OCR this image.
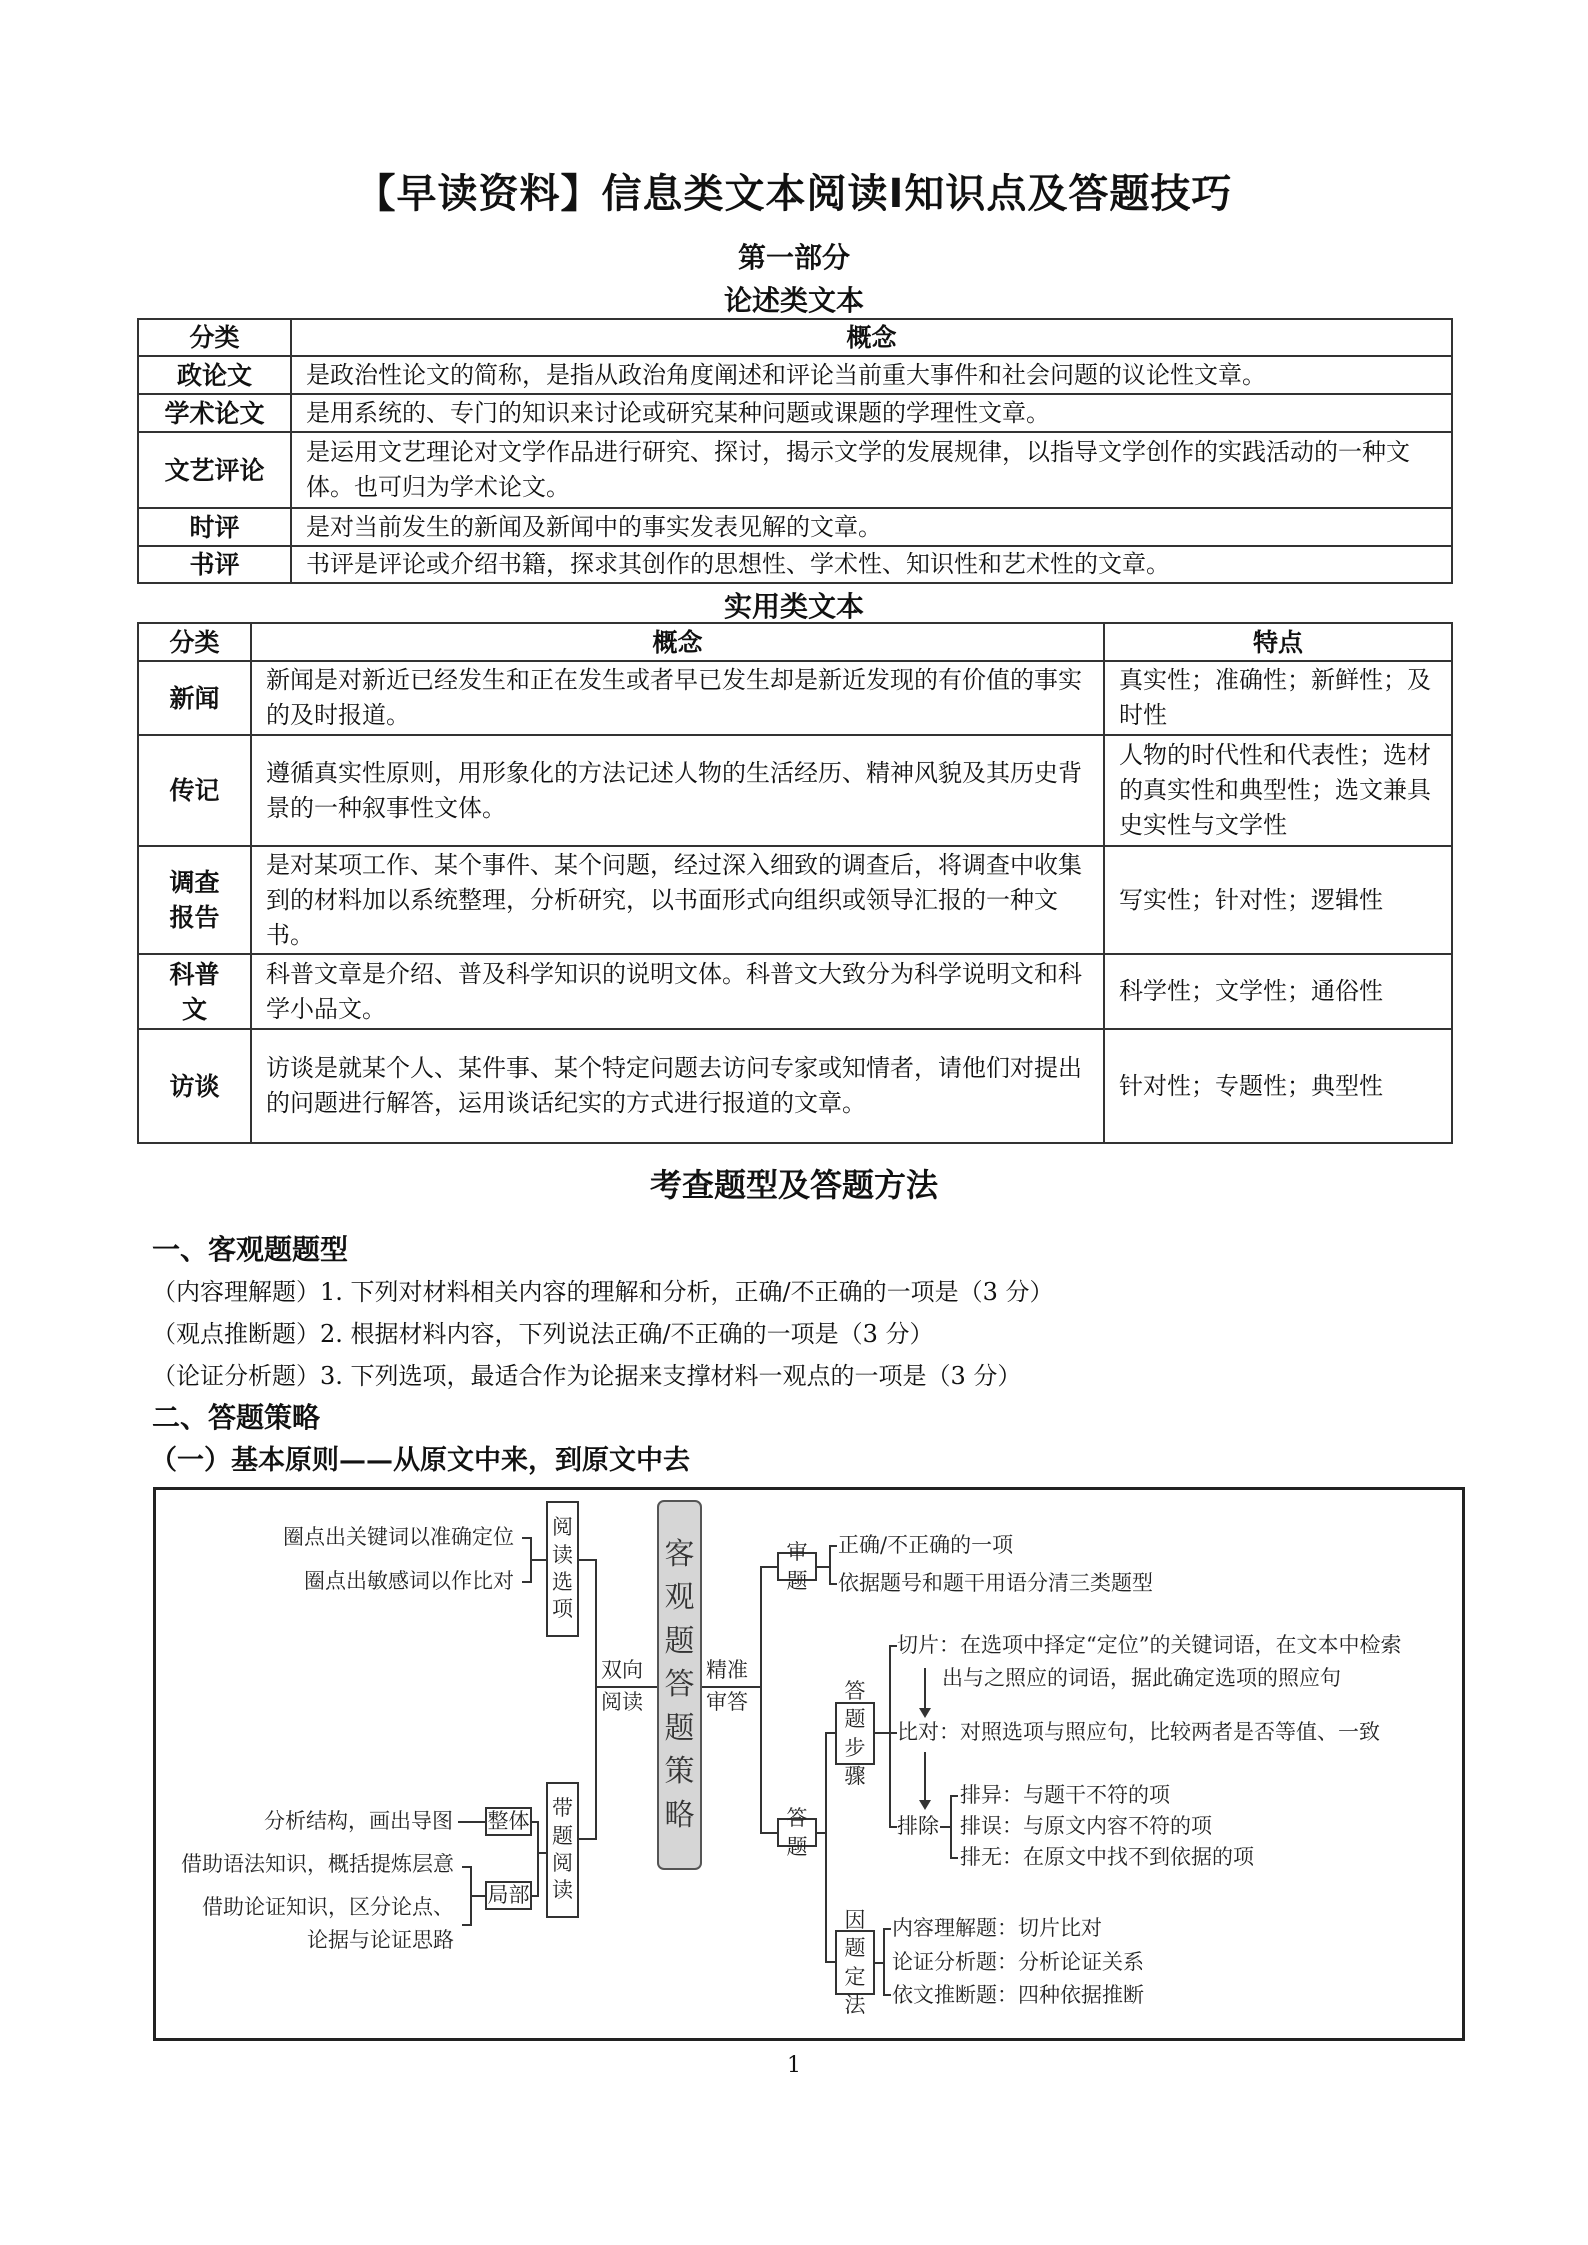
【早读资料】信息类文本阅读Ⅰ知识点及答题技巧
第一部分
论述类文本
分类	概念
政论文	是政治性论文的简称，是指从政治角度阐述和评论当前重大事件和社会问题的议论性文章。
学术论文	是用系统的、专门的知识来讨论或研究某种问题或课题的学理性文章。
文艺评论	是运用文艺理论对文学作品进行研究、探讨，揭示文学的发展规律，以指导文学创作的实践活动的一种文体。也可归为学术论文。
时评	是对当前发生的新闻及新闻中的事实发表见解的文章。
书评	书评是评论或介绍书籍，探求其创作的思想性、学术性、知识性和艺术性的文章。
实用类文本
分类	概念	特点
新闻	新闻是对新近已经发生和正在发生或者早已发生却是新近发现的有价值的事实的及时报道。	真实性；准确性；新鲜性；及时性
传记	遵循真实性原则，用形象化的方法记述人物的生活经历、精神风貌及其历史背景的一种叙事性文体。	人物的时代性和代表性；选材的真实性和典型性；选文兼具史实性与文学性
调查报告	是对某项工作、某个事件、某个问题，经过深入细致的调查后，将调查中收集到的材料加以系统整理，分析研究，以书面形式向组织或领导汇报的一种文书。	写实性；针对性；逻辑性
科普文	科普文章是介绍、普及科学知识的说明文体。科普文大致分为科学说明文和科学小品文。	科学性；文学性；通俗性
访谈	访谈是就某个人、某件事、某个特定问题去访问专家或知情者，请他们对提出的问题进行解答，运用谈话纪实的方式进行报道的文章。	针对性；专题性；典型性
考查题型及答题方法
一、客观题题型
（内容理解题）1. 下列对材料相关内容的理解和分析，正确/不正确的一项是（3 分）
（观点推断题）2. 根据材料内容，下列说法正确/不正确的一项是（3 分）
（论证分析题）3. 下列选项，最适合作为论据来支撑材料一观点的一项是（3 分）
二、答题策略
（一）基本原则——从原文中来，到原文中去
客
观
题
答
题
策
略
双向
阅读
阅
读
选
项
圈点出关键词以准确定位
圈点出敏感词以作比对
带
题
阅
读
整体
分析结构，画出导图
局部
借助语法知识，概括提炼层意
借助论证知识，区分论点、
论据与论证思路
精准
审答
审题
正确/不正确的一项
依据题号和题干用语分清三类题型
答题
答题
步骤
切片：在选项中择定“定位”的关键词语，在文本中检索
出与之照应的词语，据此确定选项的照应句
比对：对照选项与照应句，比较两者是否等值、一致
排除
排异：与题干不符的项
排误：与原文内容不符的项
排无：在原文中找不到依据的项
因题
定法
内容理解题：切片比对
论证分析题：分析论证关系
依文推断题：四种依据推断
1
